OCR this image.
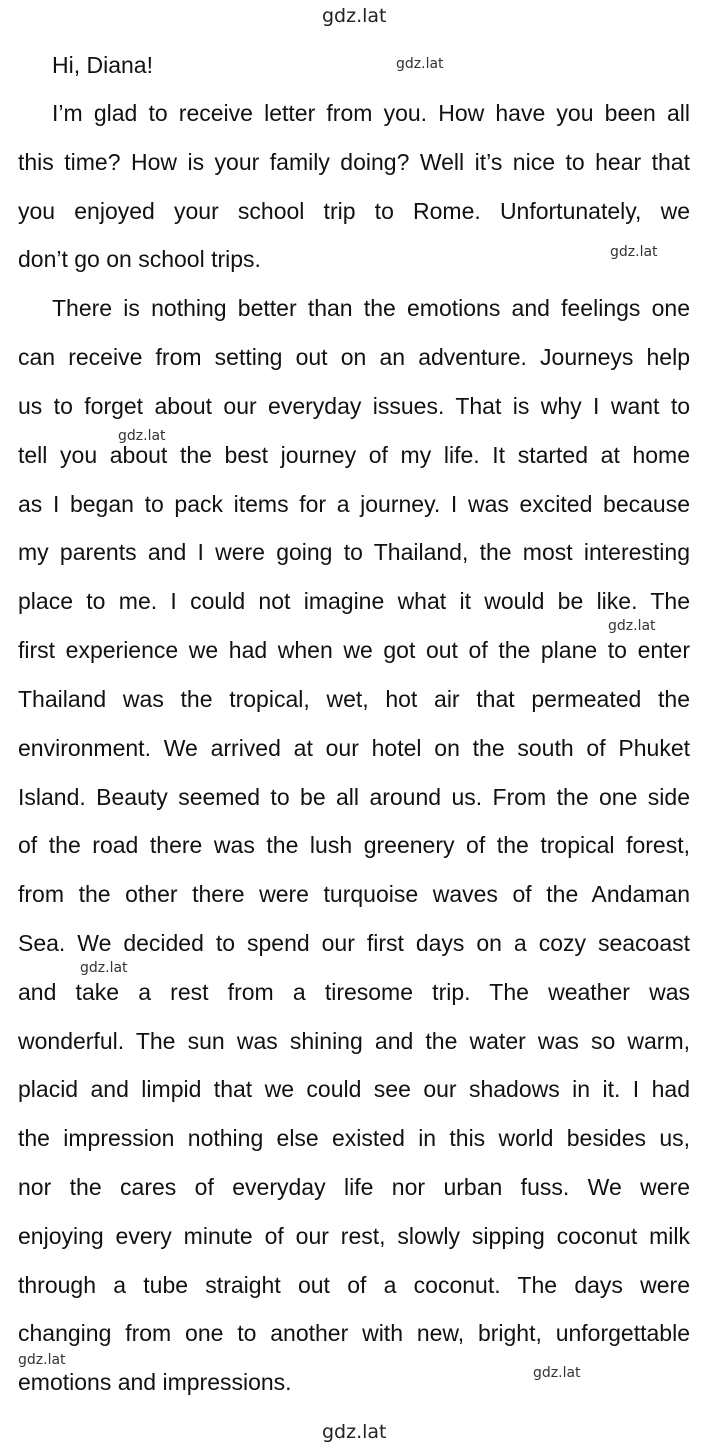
gdz.lat
gdz.lat
gdz.lat
gdz.lat
gdz.lat
gdz.lat
gdz.lat
gdz.lat
gdz.lat
Hi, Diana!
I’m glad to receive letter from you. How have you been all
this time? How is your family doing? Well it’s nice to hear that
you enjoyed your school trip to Rome. Unfortunately, we
don’t go on school trips.
There is nothing better than the emotions and feelings one
can receive from setting out on an adventure. Journeys help
us to forget about our everyday issues. That is why I want to
tell you about the best journey of my life. It started at home
as I began to pack items for a journey. I was excited because
my parents and I were going to Thailand, the most interesting
place to me. I could not imagine what it would be like. The
first experience we had when we got out of the plane to enter
Thailand was the tropical, wet, hot air that permeated the
environment. We arrived at our hotel on the south of Phuket
Island. Beauty seemed to be all around us. From the one side
of the road there was the lush greenery of the tropical forest,
from the other there were turquoise waves of the Andaman
Sea. We decided to spend our first days on a cozy seacoast
and take a rest from a tiresome trip. The weather was
wonderful. The sun was shining and the water was so warm,
placid and limpid that we could see our shadows in it. I had
the impression nothing else existed in this world besides us,
nor the cares of everyday life nor urban fuss. We were
enjoying every minute of our rest, slowly sipping coconut milk
through a tube straight out of a coconut. The days were
changing from one to another with new, bright, unforgettable
emotions and impressions.
